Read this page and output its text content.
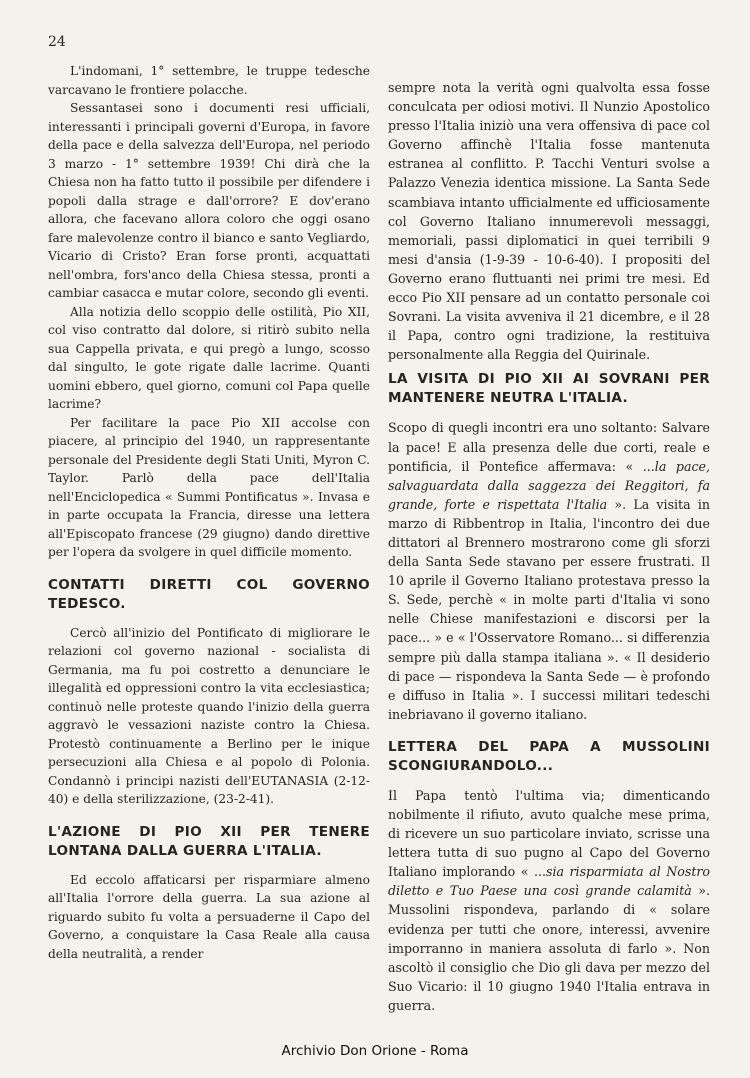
24

L'indomani, 1° settembre, le truppe tedesche varcavano le frontiere polacche.

Sessantasei sono i documenti resi ufficiali, interessanti i principali governi d'Europa, in favore della pace e della salvezza dell'Europa, nel periodo 3 marzo - 1° settembre 1939! Chi dirà che la Chiesa non ha fatto tutto il possibile per difendere i popoli dalla strage e dall'orrore? E dov'erano allora, che facevano allora coloro che oggi osano fare malevolenze contro il bianco e santo Vegliardo, Vicario di Cristo? Eran forse pronti, acquattati nell'ombra, fors'anco della Chiesa stessa, pronti a cambiar casacca e mutar colore, secondo gli eventi.

Alla notizia dello scoppio delle ostilità, Pio XII, col viso contratto dal dolore, si ritirò subito nella sua Cappella privata, e qui pregò a lungo, scosso dal singulto, le gote rigate dalle lacrime. Quanti uomini ebbero, quel giorno, comuni col Papa quelle lacrime?

Per facilitare la pace Pio XII accolse con piacere, al principio del 1940, un rappresentante personale del Presidente degli Stati Uniti, Myron C. Taylor. Parlò della pace dell'Italia nell'Enciclopedica « Summi Pontificatus ». Invasa e in parte occupata la Francia, diresse una lettera all'Episcopato francese (29 giugno) dando direttive per l'opera da svolgere in quel difficile momento.

CONTATTI DIRETTI COL GOVERNO TEDESCO.

Cercò all'inizio del Pontificato di migliorare le relazioni col governo nazional - socialista di Germania, ma fu poi costretto a denunciare le illegalità ed oppressioni contro la vita ecclesiastica; continuò nelle proteste quando l'inizio della guerra aggravò le vessazioni naziste contro la Chiesa. Protestò continuamente a Berlino per le inique persecuzioni alla Chiesa e al popolo di Polonia. Condannò i principi nazisti dell'EUTANASIA (2-12-40) e della sterilizzazione, (23-2-41).

L'AZIONE DI PIO XII PER TENERE LONTANA DALLA GUERRA L'ITALIA.

Ed eccolo affaticarsi per risparmiare almeno all'Italia l'orrore della guerra. La sua azione al riguardo subito fu volta a persuaderne il Capo del Governo, a conquistare la Casa Reale alla causa della neutralità, a render

sempre nota la verità ogni qualvolta essa fosse conculcata per odiosi motivi. Il Nunzio Apostolico presso l'Italia iniziò una vera offensiva di pace col Governo affinchè l'Italia fosse mantenuta estranea al conflitto. P. Tacchi Venturi svolse a Palazzo Venezia identica missione. La Santa Sede scambiava intanto ufficialmente ed ufficiosamente col Governo Italiano innumerevoli messaggi, memoriali, passi diplomatici in quei terribili 9 mesi d'ansia (1-9-39 - 10-6-40). I propositi del Governo erano fluttuanti nei primi tre mesi. Ed ecco Pio XII pensare ad un contatto personale coi Sovrani. La visita avveniva il 21 dicembre, e il 28 il Papa, contro ogni tradizione, la restituiva personalmente alla Reggia del Quirinale.

LA VISITA DI PIO XII AI SOVRANI PER MANTENERE NEUTRA L'ITALIA.

Scopo di quegli incontri era uno soltanto: Salvare la pace! E alla presenza delle due corti, reale e pontificia, il Pontefice affermava: « ...la pace, salvaguardata dalla saggezza dei Reggitori, fa grande, forte e rispettata l'Italia ». La visita in marzo di Ribbentrop in Italia, l'incontro dei due dittatori al Brennero mostrarono come gli sforzi della Santa Sede stavano per essere frustrati. Il 10 aprile il Governo Italiano protestava presso la S. Sede, perchè « in molte parti d'Italia vi sono nelle Chiese manifestazioni e discorsi per la pace... » e « l'Osservatore Romano... si differenzia sempre più dalla stampa italiana ». « Il desiderio di pace — rispondeva la Santa Sede — è profondo e diffuso in Italia ». I successi militari tedeschi inebriavano il governo italiano.

LETTERA DEL PAPA A MUSSOLINI SCONGIURANDOLO...

Il Papa tentò l'ultima via; dimenticando nobilmente il rifiuto, avuto qualche mese prima, di ricevere un suo particolare inviato, scrisse una lettera tutta di suo pugno al Capo del Governo Italiano implorando « ...sia risparmiata al Nostro diletto e Tuo Paese una così grande calamità ». Mussolini rispondeva, parlando di « solare evidenza per tutti che onore, interessi, avvenire imporranno in maniera assoluta di farlo ». Non ascoltò il consiglio che Dio gli dava per mezzo del Suo Vicario: il 10 giugno 1940 l'Italia entrava in guerra.

Archivio Don Orione - Roma
